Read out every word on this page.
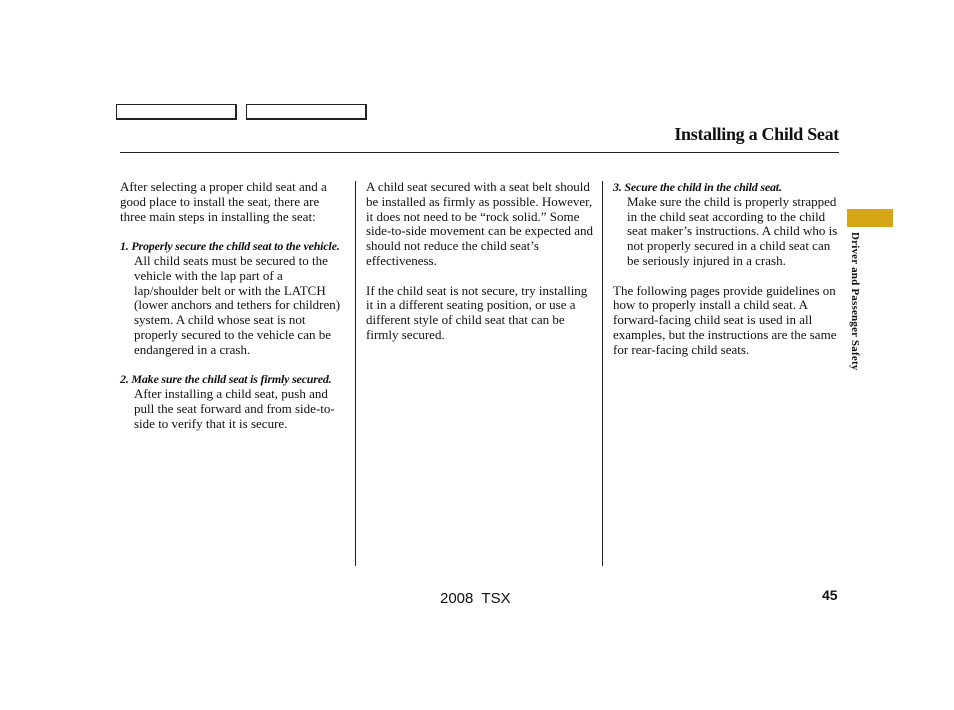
Installing a Child Seat

After selecting a proper child seat and a good place to install the seat, there are three main steps in installing the seat:

1. Properly secure the child seat to the vehicle. All child seats must be secured to the vehicle with the lap part of a lap/shoulder belt or with the LATCH (lower anchors and tethers for children) system. A child whose seat is not properly secured to the vehicle can be endangered in a crash.

2. Make sure the child seat is firmly secured. After installing a child seat, push and pull the seat forward and from side-to-side to verify that it is secure.

A child seat secured with a seat belt should be installed as firmly as possible. However, it does not need to be “rock solid.” Some side-to-side movement can be expected and should not reduce the child seat’s effectiveness.

If the child seat is not secure, try installing it in a different seating position, or use a different style of child seat that can be firmly secured.

3. Secure the child in the child seat.

Make sure the child is properly strapped in the child seat according to the child seat maker’s instructions. A child who is not properly secured in a child seat can be seriously injured in a crash.

The following pages provide guidelines on how to properly install a child seat. A forward-facing child seat is used in all examples, but the instructions are the same for rear-facing child seats.	Driver and Passenger Safety
2008  TSX	45
